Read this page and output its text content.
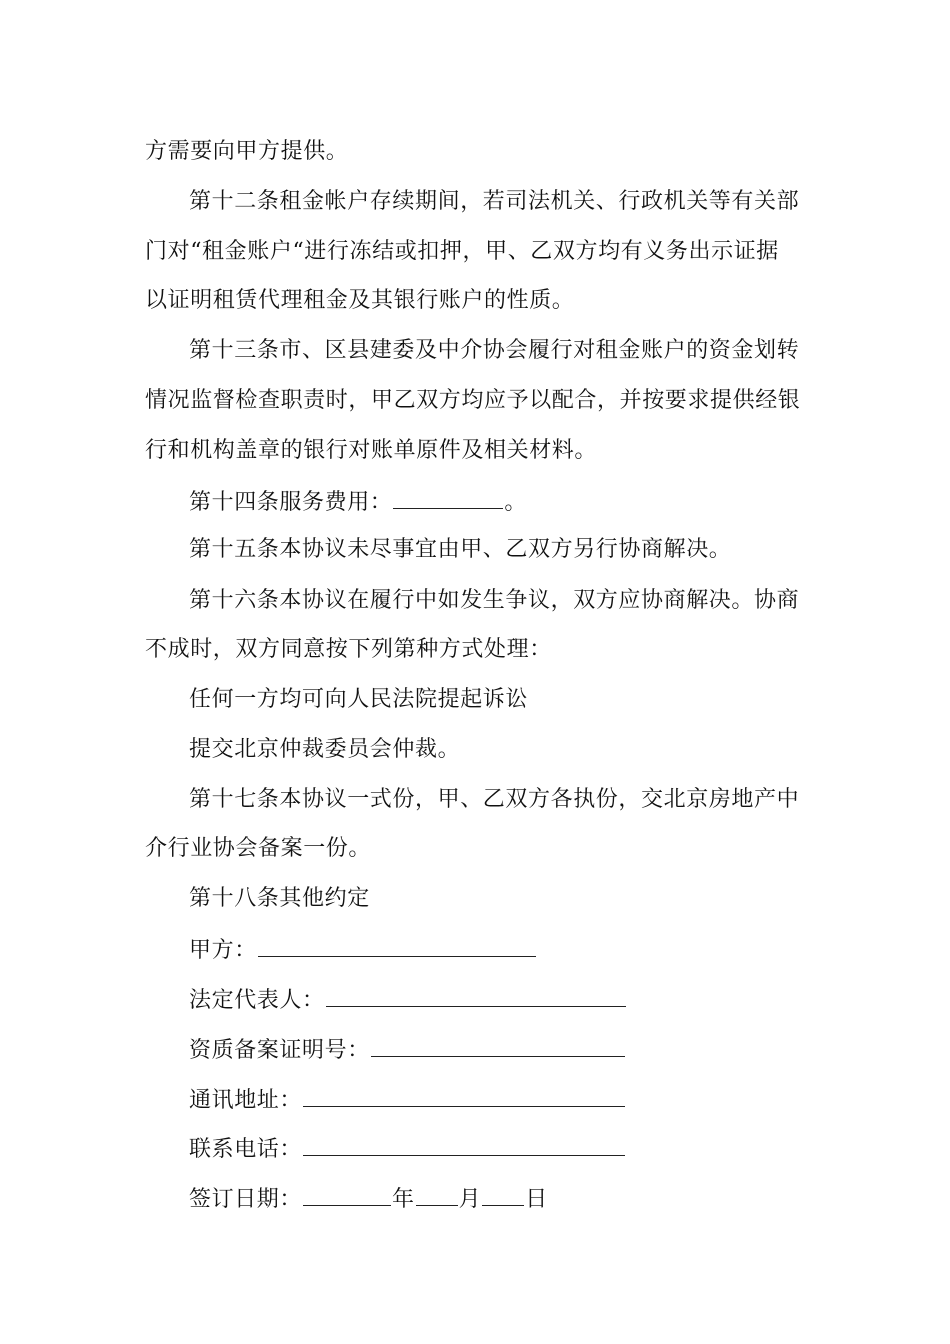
方需要向甲方提供。
第十二条租金帐户存续期间，若司法机关、行政机关等有关部
门对“租金账户“进行冻结或扣押，甲、乙双方均有义务出示证据
以证明租赁代理租金及其银行账户的性质。
第十三条市、区县建委及中介协会履行对租金账户的资金划转
情况监督检查职责时，甲乙双方均应予以配合，并按要求提供经银
行和机构盖章的银行对账单原件及相关材料。
第十四条服务费用：	。
第十五条本协议未尽事宜由甲、乙双方另行协商解决。
第十六条本协议在履行中如发生争议，双方应协商解决。协商
不成时，双方同意按下列第种方式处理：
任何一方均可向人民法院提起诉讼
提交北京仲裁委员会仲裁。
第十七条本协议一式份，甲、乙双方各执份，交北京房地产中
介行业协会备案一份。
第十八条其他约定
甲方：
法定代表人：
资质备案证明号：
通讯地址：
联系电话：
签订日期：	年 月 日
